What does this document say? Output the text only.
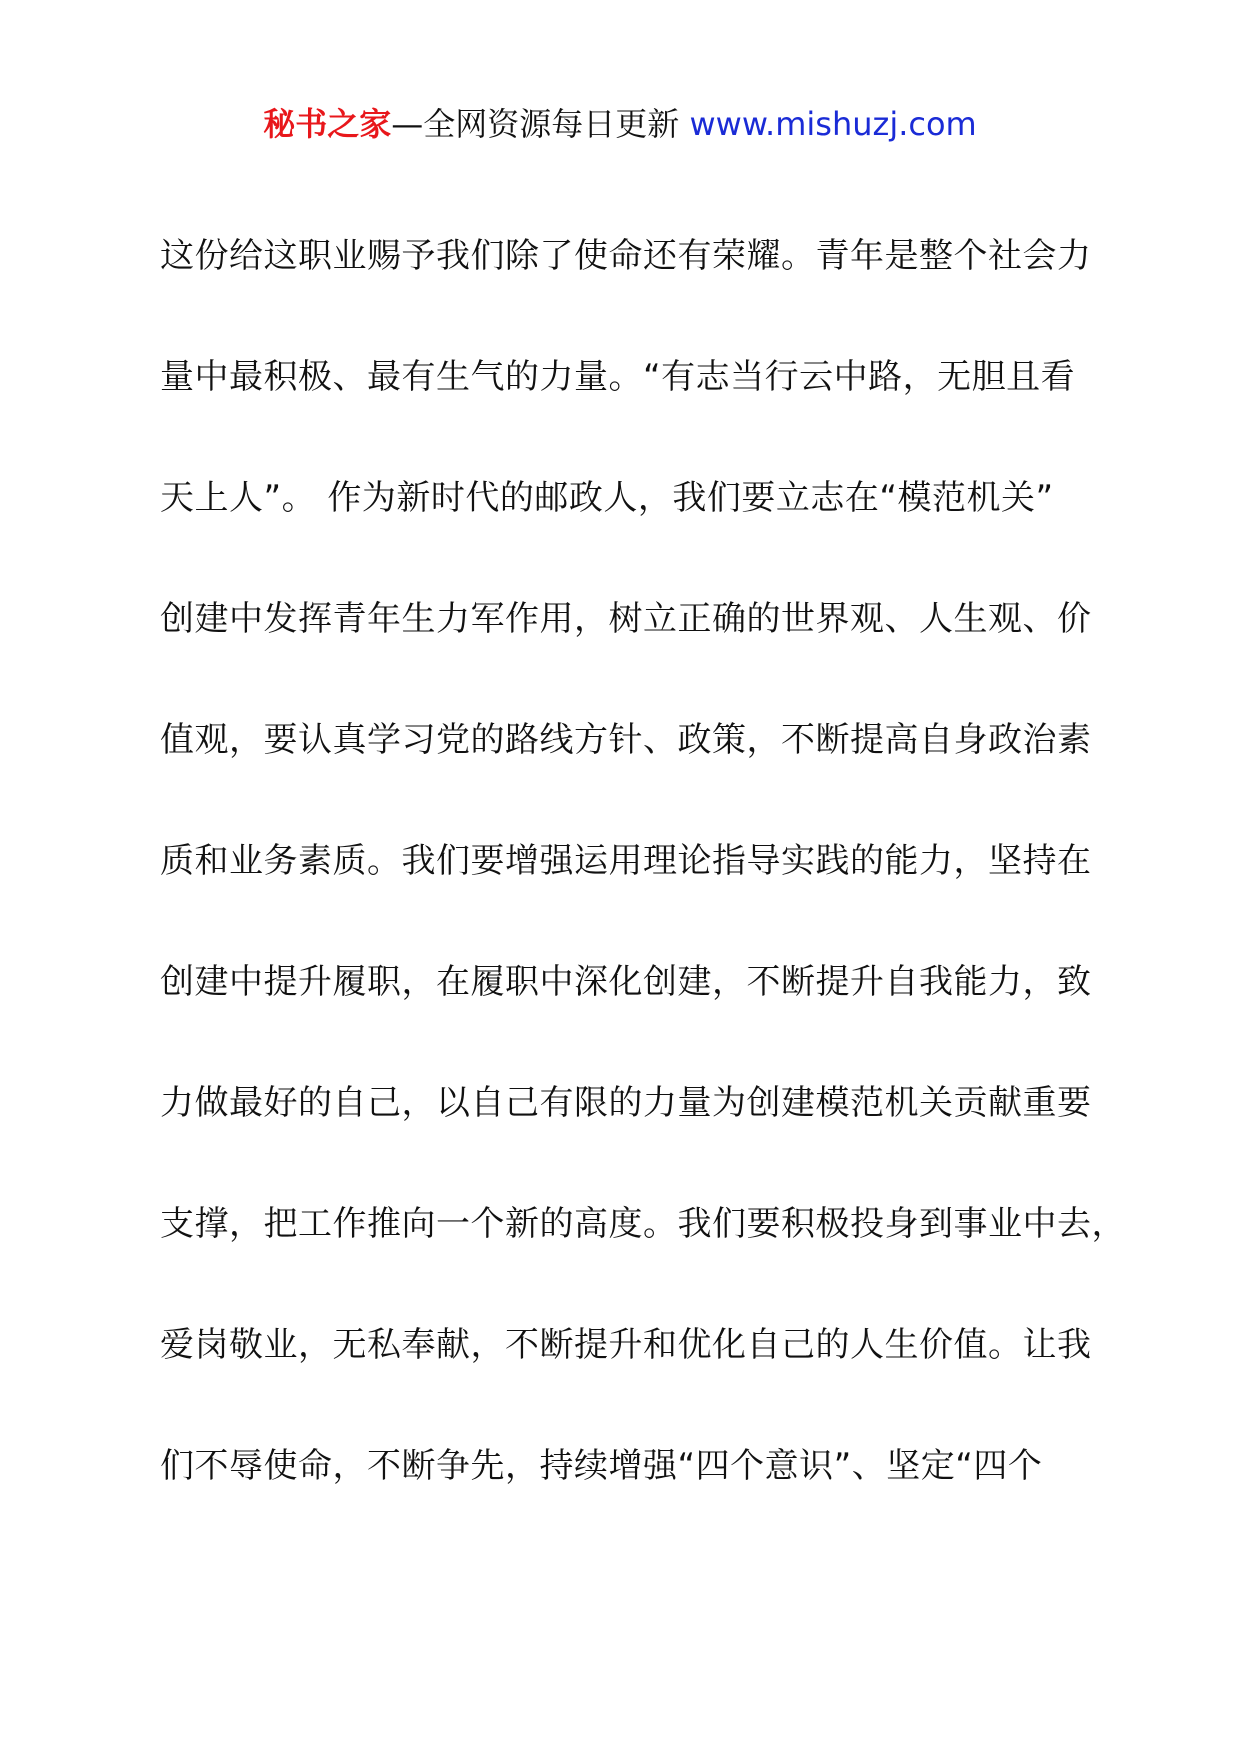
秘书之家—全网资源每日更新 www.mishuzj.com
这份给这职业赐予我们除了使命还有荣耀。青年是整个社会力
量中最积极、最有生气的力量。“有志当行云中路，无胆且看
天上人”。 作为新时代的邮政人，我们要立志在“模范机关”
创建中发挥青年生力军作用，树立正确的世界观、人生观、价
值观，要认真学习党的路线方针、政策，不断提高自身政治素
质和业务素质。我们要增强运用理论指导实践的能力，坚持在
创建中提升履职，在履职中深化创建，不断提升自我能力，致
力做最好的自己，以自己有限的力量为创建模范机关贡献重要
支撑，把工作推向一个新的高度。我们要积极投身到事业中去，
爱岗敬业，无私奉献，不断提升和优化自己的人生价值。让我
们不辱使命，不断争先，持续增强“四个意识”、坚定“四个
